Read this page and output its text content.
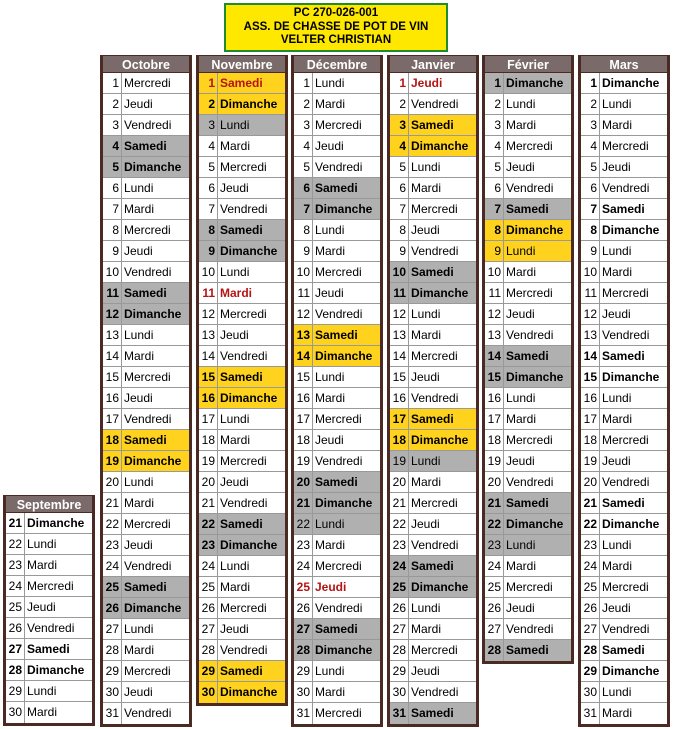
PC 270-026-001
ASS. DE CHASSE DE POT DE VIN
VELTER CHRISTIAN
Septembre
21 Dimanche
22 Lundi
23 Mardi
24 Mercredi
25 Jeudi
26 Vendredi
27 Samedi
28 Dimanche
29 Lundi
30 Mardi
Octobre
1 Mercredi
2 Jeudi
3 Vendredi
4 Samedi
5 Dimanche
6 Lundi
7 Mardi
8 Mercredi
9 Jeudi
10 Vendredi
11 Samedi
12 Dimanche
13 Lundi
14 Mardi
15 Mercredi
16 Jeudi
17 Vendredi
18 Samedi
19 Dimanche
20 Lundi
21 Mardi
22 Mercredi
23 Jeudi
24 Vendredi
25 Samedi
26 Dimanche
27 Lundi
28 Mardi
29 Mercredi
30 Jeudi
31 Vendredi
Novembre
1 Samedi
2 Dimanche
3 Lundi
4 Mardi
5 Mercredi
6 Jeudi
7 Vendredi
8 Samedi
9 Dimanche
10 Lundi
11 Mardi
12 Mercredi
13 Jeudi
14 Vendredi
15 Samedi
16 Dimanche
17 Lundi
18 Mardi
19 Mercredi
20 Jeudi
21 Vendredi
22 Samedi
23 Dimanche
24 Lundi
25 Mardi
26 Mercredi
27 Jeudi
28 Vendredi
29 Samedi
30 Dimanche
Décembre
1 Lundi
2 Mardi
3 Mercredi
4 Jeudi
5 Vendredi
6 Samedi
7 Dimanche
8 Lundi
9 Mardi
10 Mercredi
11 Jeudi
12 Vendredi
13 Samedi
14 Dimanche
15 Lundi
16 Mardi
17 Mercredi
18 Jeudi
19 Vendredi
20 Samedi
21 Dimanche
22 Lundi
23 Mardi
24 Mercredi
25 Jeudi
26 Vendredi
27 Samedi
28 Dimanche
29 Lundi
30 Mardi
31 Mercredi
Janvier
1 Jeudi
2 Vendredi
3 Samedi
4 Dimanche
5 Lundi
6 Mardi
7 Mercredi
8 Jeudi
9 Vendredi
10 Samedi
11 Dimanche
12 Lundi
13 Mardi
14 Mercredi
15 Jeudi
16 Vendredi
17 Samedi
18 Dimanche
19 Lundi
20 Mardi
21 Mercredi
22 Jeudi
23 Vendredi
24 Samedi
25 Dimanche
26 Lundi
27 Mardi
28 Mercredi
29 Jeudi
30 Vendredi
31 Samedi
Février
1 Dimanche
2 Lundi
3 Mardi
4 Mercredi
5 Jeudi
6 Vendredi
7 Samedi
8 Dimanche
9 Lundi
10 Mardi
11 Mercredi
12 Jeudi
13 Vendredi
14 Samedi
15 Dimanche
16 Lundi
17 Mardi
18 Mercredi
19 Jeudi
20 Vendredi
21 Samedi
22 Dimanche
23 Lundi
24 Mardi
25 Mercredi
26 Jeudi
27 Vendredi
28 Samedi
Mars
1 Dimanche
2 Lundi
3 Mardi
4 Mercredi
5 Jeudi
6 Vendredi
7 Samedi
8 Dimanche
9 Lundi
10 Mardi
11 Mercredi
12 Jeudi
13 Vendredi
14 Samedi
15 Dimanche
16 Lundi
17 Mardi
18 Mercredi
19 Jeudi
20 Vendredi
21 Samedi
22 Dimanche
23 Lundi
24 Mardi
25 Mercredi
26 Jeudi
27 Vendredi
28 Samedi
29 Dimanche
30 Lundi
31 Mardi
